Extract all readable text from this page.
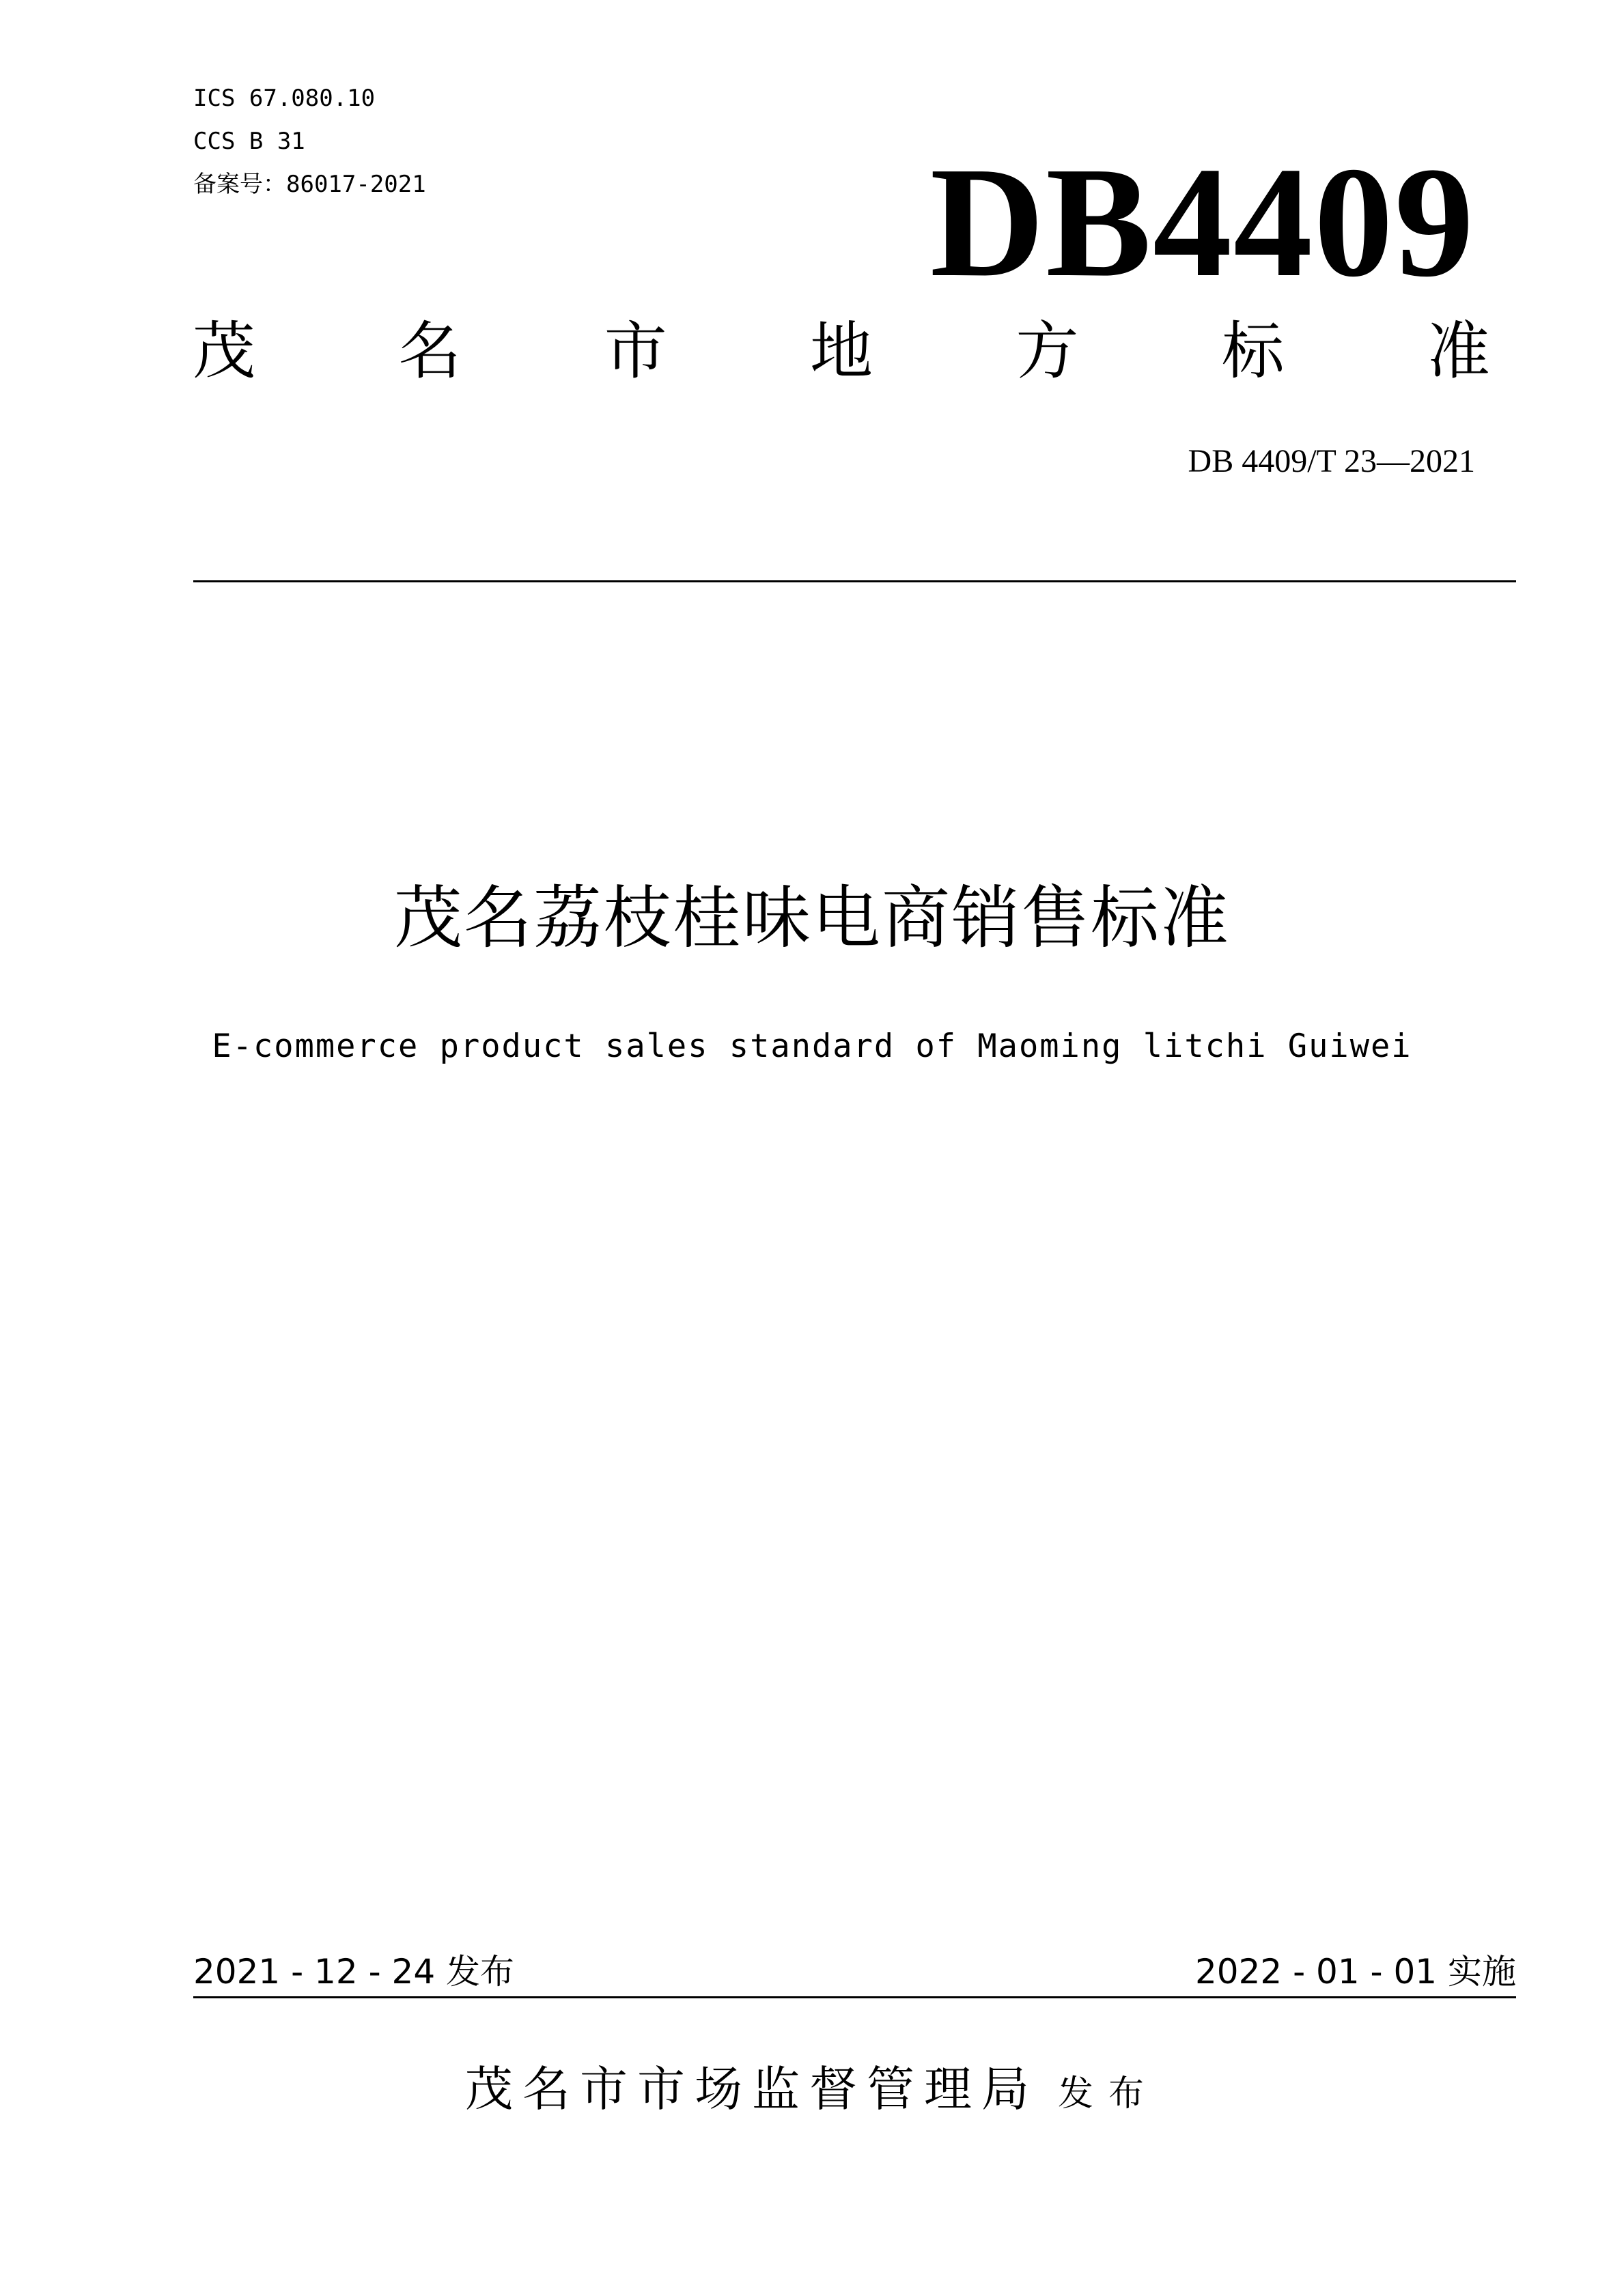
ICS 67.080.10
CCS B 31
备案号：86017-2021	DB4409
茂 名 市 地 方 标 准
DB 4409/T 23—2021
茂名荔枝桂味电商销售标准
E-commerce product sales standard of Maoming litchi Guiwei
2021 - 12 - 24 发布	2022 - 01 - 01 实施
茂名市市场监督管理局 发布
